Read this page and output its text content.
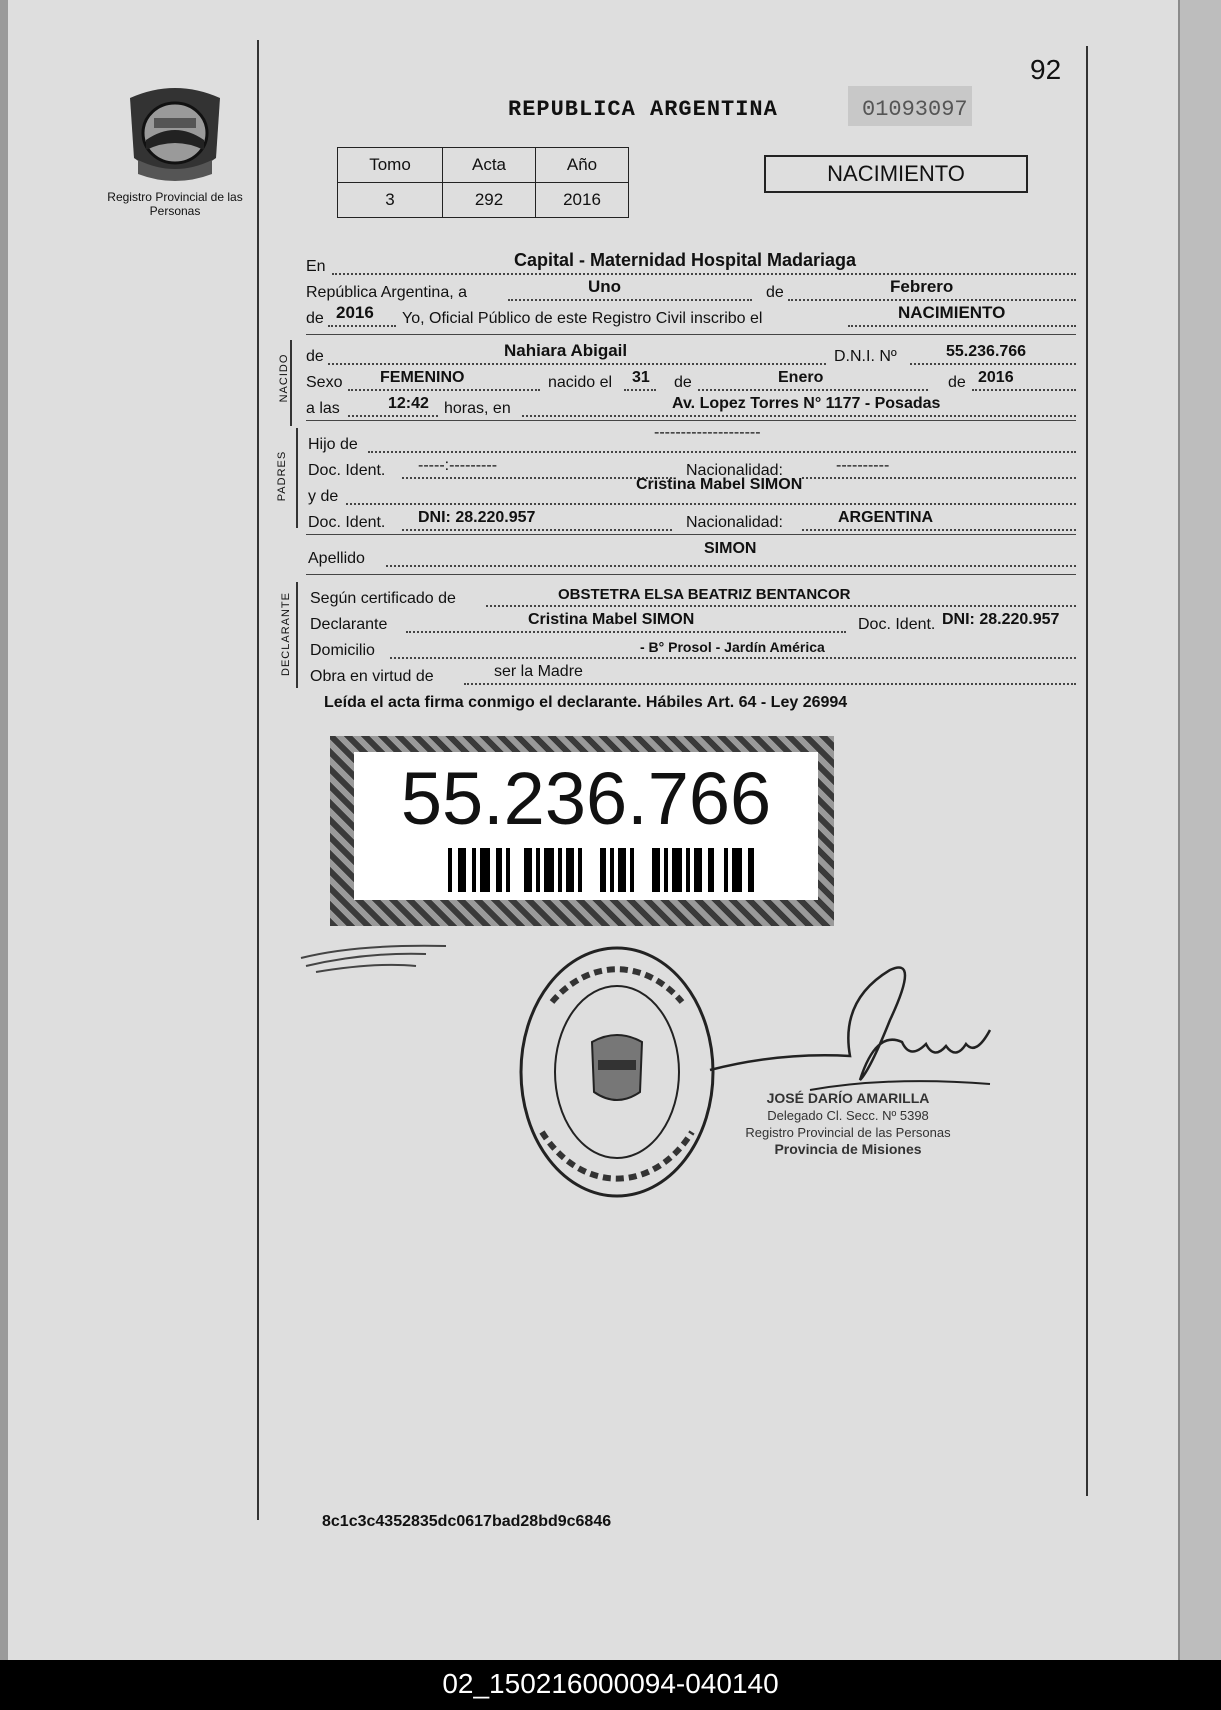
Registro Provincial de las Personas
92
REPUBLICA ARGENTINA	01093097
Tomo	Acta	Año
3	292	2016
NACIMIENTO
En	Capital - Maternidad Hospital Madariaga
República Argentina, a	Uno	de	Febrero
de 2016 Yo, Oficial Público de este Registro Civil inscribo el	NACIMIENTO
NACIDO de	Nahiara Abigail	D.N.I. Nº	55.236.766
Sexo FEMENINO	nacido el 31 de	Enero	de 2016
a las	12:42 horas, en	Av. Lopez Torres N° 1177 - Posadas
PADRES
Hijo de
--------------------
Doc. Ident. -----:---------	Nacionalidad:	----------
y de
Cristina Mabel SIMON
Doc. Ident. DNI: 28.220.957	Nacionalidad:	ARGENTINA
Apellido
SIMON
DECLARANTE Según certificado de	OBSTETRA ELSA BEATRIZ BENTANCOR
Declarante	Cristina Mabel SIMON	Doc. Ident. DNI: 28.220.957
Domicilio	- B° Prosol - Jardín América
Obra en virtud de	ser la Madre
Leída el acta firma conmigo el declarante. Hábiles Art. 64 - Ley 26994
55.236.766
JOSÉ DARÍO AMARILLA
Delegado Cl. Secc. Nº 5398
Registro Provincial de las Personas
Provincia de Misiones
8c1c3c4352835dc0617bad28bd9c6846
02_150216000094-040140
